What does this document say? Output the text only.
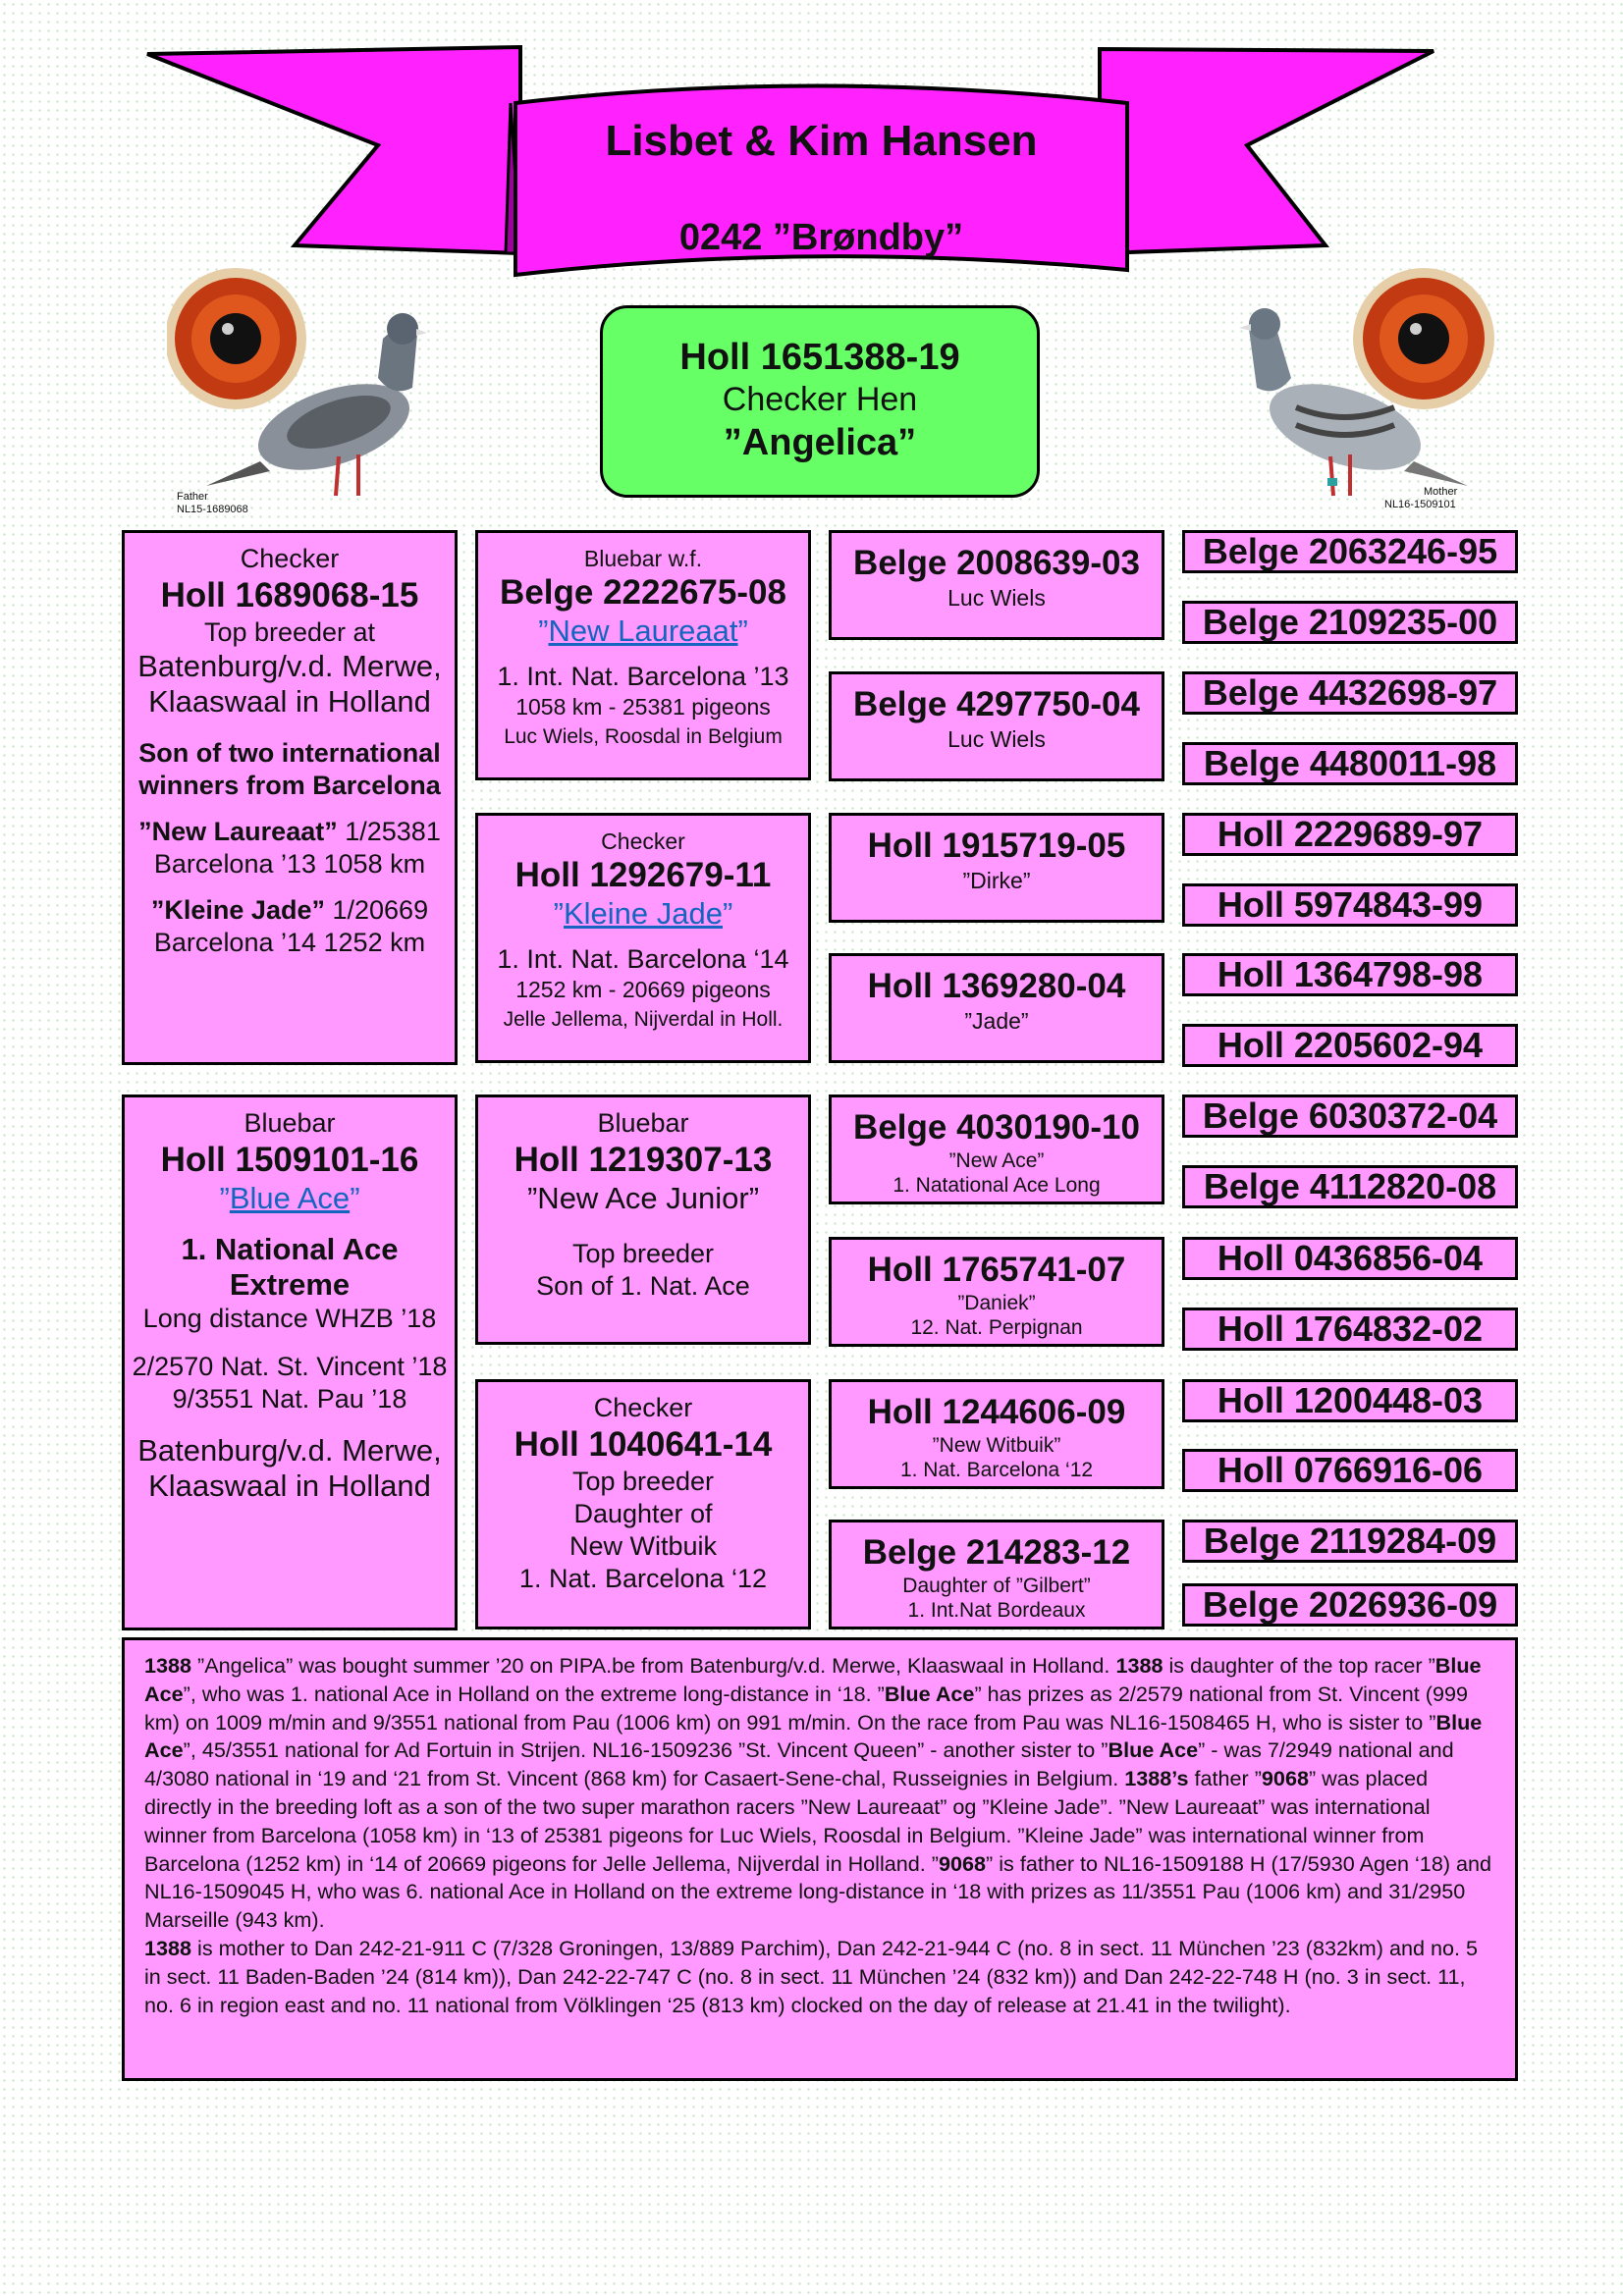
Lisbet & Kim Hansen
0242 ”Brøndby”
Father
NL15-1689068
Mother
NL16-1509101
Holl 1651388-19
Checker Hen
”Angelica”
Checker
Holl 1689068-15
Top breeder at
Batenburg/v.d. Merwe,
Klaaswaal in Holland
Son of two international
winners from Barcelona
”New Laureaat” 1/25381
Barcelona ’13 1058 km
”Kleine Jade” 1/20669
Barcelona ’14 1252 km
Bluebar
Holl 1509101-16
”Blue Ace”
1. National Ace
Extreme
Long distance WHZB ’18
2/2570 Nat. St. Vincent ’18
9/3551 Nat. Pau ’18
Batenburg/v.d. Merwe,
Klaaswaal in Holland
Bluebar w.f.
Belge 2222675-08
”New Laureaat”
1. Int. Nat. Barcelona ’13
1058 km - 25381 pigeons
Luc Wiels, Roosdal in Belgium
Checker
Holl 1292679-11
”Kleine Jade”
1. Int. Nat. Barcelona ‘14
1252 km - 20669 pigeons
Jelle Jellema, Nijverdal in Holl.
Bluebar
Holl 1219307-13
”New Ace Junior”
Top breeder
Son of 1. Nat. Ace
Checker
Holl 1040641-14
Top breeder
Daughter of
New Witbuik
1. Nat. Barcelona ‘12
Belge 2008639-03
Luc Wiels
Belge 4297750-04
Luc Wiels
Holl 1915719-05
”Dirke”
Holl 1369280-04
”Jade”
Belge 4030190-10
”New Ace”
1. Natational Ace Long
Holl 1765741-07
”Daniek”
12. Nat. Perpignan
Holl 1244606-09
”New Witbuik”
1. Nat. Barcelona ‘12
Belge 214283-12
Daughter of ”Gilbert”
1. Int.Nat Bordeaux
Belge 2063246-95
Belge 2109235-00
Belge 4432698-97
Belge 4480011-98
Holl 2229689-97
Holl 5974843-99
Holl 1364798-98
Holl 2205602-94
Belge 6030372-04
Belge 4112820-08
Holl 0436856-04
Holl 1764832-02
Holl 1200448-03
Holl 0766916-06
Belge 2119284-09
Belge 2026936-09

1388 ”Angelica” was bought summer ’20 on PIPA.be from Batenburg/v.d. Merwe, Klaaswaal in Holland. 1388 is daughter of the top racer ”Blue Ace”, who was 1. national Ace in Holland on the extreme long-distance in ‘18. ”Blue Ace” has prizes as 2/2579 national from St. Vincent (999 km) on 1009 m/min and 9/3551 national from Pau (1006 km) on 991 m/min. On the race from Pau was NL16-1508465 H, who is sister to ”Blue Ace”, 45/3551 national for Ad Fortuin in Strijen. NL16-1509236 ”St. Vincent Queen” - another sister to ”Blue Ace” - was 7/2949 national and 4/3080 national in ‘19 and ‘21 from St. Vincent (868 km) for Casaert-Sene-chal, Russeignies in Belgium. 1388’s father ”9068” was placed directly in the breeding loft as a son of the two super marathon racers ”New Laureaat” og ”Kleine Jade”. ”New Laureaat” was international winner from Barcelona (1058 km) in ‘13 of 25381 pigeons for Luc Wiels, Roosdal in Belgium. ”Kleine Jade” was international winner from Barcelona (1252 km) in ‘14 of 20669 pigeons for Jelle Jellema, Nijverdal in Holland. ”9068” is father to NL16-1509188 H (17/5930 Agen ‘18) and NL16-1509045 H, who was 6. national Ace in Holland on the extreme long-distance in ‘18 with prizes as 11/3551 Pau (1006 km) and 31/2950 Marseille (943 km).

1388 is mother to Dan 242-21-911 C (7/328 Groningen, 13/889 Parchim), Dan 242-21-944 C (no. 8 in sect. 11 München ’23 (832km) and no. 5 in sect. 11 Baden-Baden ’24 (814 km)), Dan 242-22-747 C (no. 8 in sect. 11 München ’24 (832 km)) and Dan 242-22-748 H (no. 3 in sect. 11, no. 6 in region east and no. 11 national from Völklingen ‘25 (813 km) clocked on the day of release at 21.41 in the twilight).
